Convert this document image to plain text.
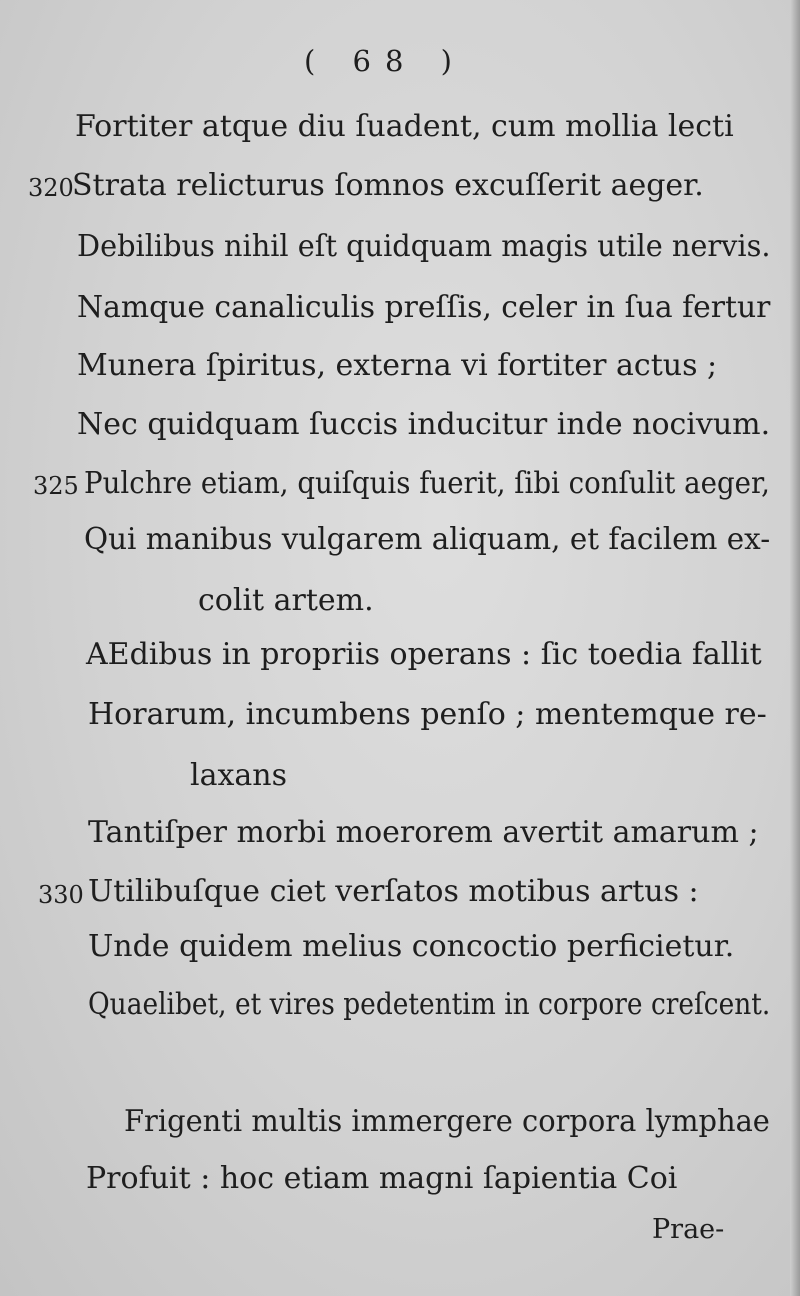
( 68 )
Fortiter atque diu ſuadent, cum mollia lecti
320
Strata relicturus ſomnos excuſſerit aeger.
Debilibus nihil eſt quidquam magis utile nervis.
Namque canaliculis preſſis, celer in ſua fertur
Munera ſpiritus, externa vi fortiter actus ;
Nec quidquam ſuccis inducitur inde nocivum.
325 Pulchre etiam, quiſquis fuerit, ſibi conſulit aeger,
Qui manibus vulgarem aliquam, et facilem ex-
colit artem.
AEdibus in propriis operans : ſic toedia fallit
Horarum, incumbens penſo ; mentemque re-
laxans
Tantiſper morbi moerorem avertit amarum ;
330 Utilibuſque ciet verſatos motibus artus :
Unde quidem melius concoctio perficietur.
Quaelibet, et vires pedetentim in corpore creſcent.
Frigenti multis immergere corpora lymphae
Profuit : hoc etiam magni ſapientia Coi
Prae-
